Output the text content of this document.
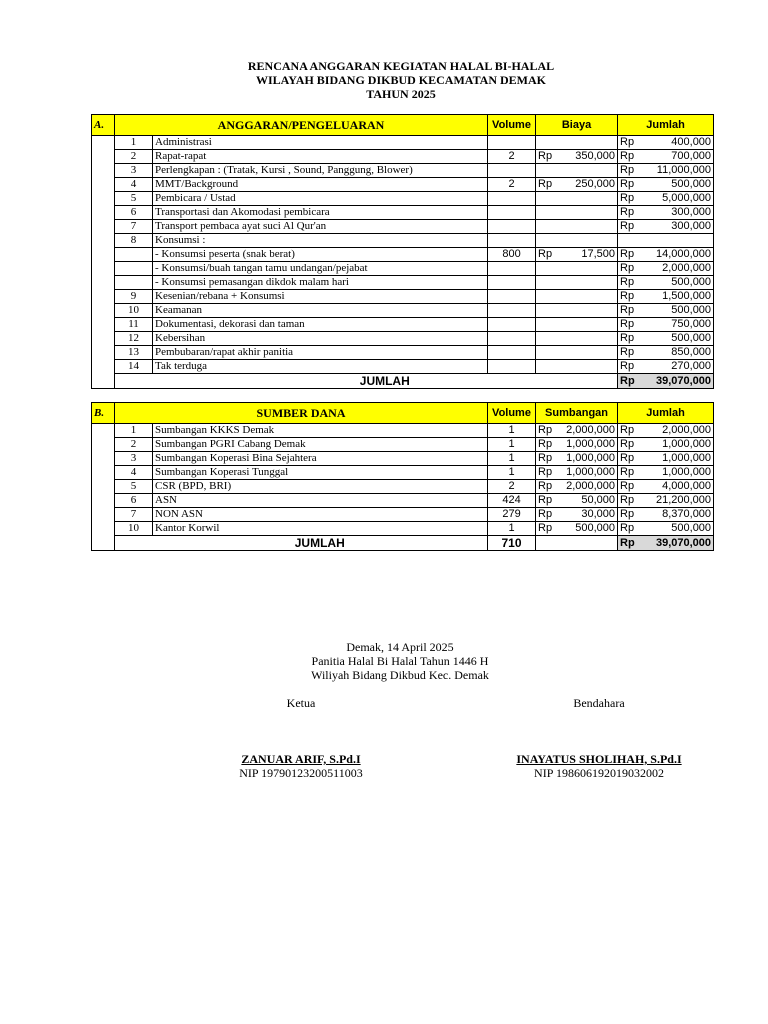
RENCANA ANGGARAN KEGIATAN HALAL BI-HALAL
WILAYAH BIDANG DIKBUD KECAMATAN DEMAK
TAHUN 2025
A.	ANGGARAN/PENGELUARAN		Volume	Biaya		Jumlah	
	1	Administrasi				Rp	400,000
	2	Rapat-rapat	2	Rp	350,000	Rp	700,000
	3	Perlengkapan : (Tratak, Kursi , Sound, Panggung, Blower)				Rp	11,000,000
	4	MMT/Background	2	Rp	250,000	Rp	500,000
	5	Pembicara / Ustad				Rp	5,000,000
	6	Transportasi dan Akomodasi pembicara				Rp	300,000
	7	Transport pembaca ayat suci Al Qur'an				Rp	300,000
	8	Konsumsi :					
		- Konsumsi peserta (snak berat)	800	Rp	17,500	Rp	14,000,000
		- Konsumsi/buah tangan tamu undangan/pejabat				Rp	2,000,000
		- Konsumsi pemasangan dikdok malam hari				Rp	500,000
	9	Kesenian/rebana + Konsumsi				Rp	1,500,000
	10	Keamanan				Rp	500,000
	11	Dokumentasi, dekorasi dan taman				Rp	750,000
	12	Kebersihan				Rp	500,000
	13	Pembubaran/rapat akhir panitia				Rp	850,000
	14	Tak terduga				Rp	270,000
		JUMLAH				Rp	39,070,000
B.	SUMBER DANA		Volume	Sumbangan		Jumlah	
	1	Sumbangan KKKS Demak	1	Rp	2,000,000	Rp	2,000,000
	2	Sumbangan PGRI Cabang Demak	1	Rp	1,000,000	Rp	1,000,000
	3	Sumbangan Koperasi Bina Sejahtera	1	Rp	1,000,000	Rp	1,000,000
	4	Sumbangan Koperasi Tunggal	1	Rp	1,000,000	Rp	1,000,000
	5	CSR (BPD, BRI)	2	Rp	2,000,000	Rp	4,000,000
	6	ASN	424	Rp	50,000	Rp	21,200,000
	7	NON ASN	279	Rp	30,000	Rp	8,370,000
	10	Kantor Korwil	1	Rp	500,000	Rp	500,000
		JUMLAH	710			Rp	39,070,000
Demak, 14 April 2025
Panitia Halal Bi Halal Tahun 1446 H
Wiliyah Bidang Dikbud Kec. Demak
Ketua	Bendahara
ZANUAR ARIF, S.Pd.I
NIP 19790123200511003
INAYATUS SHOLIHAH, S.Pd.I
NIP 198606192019032002
